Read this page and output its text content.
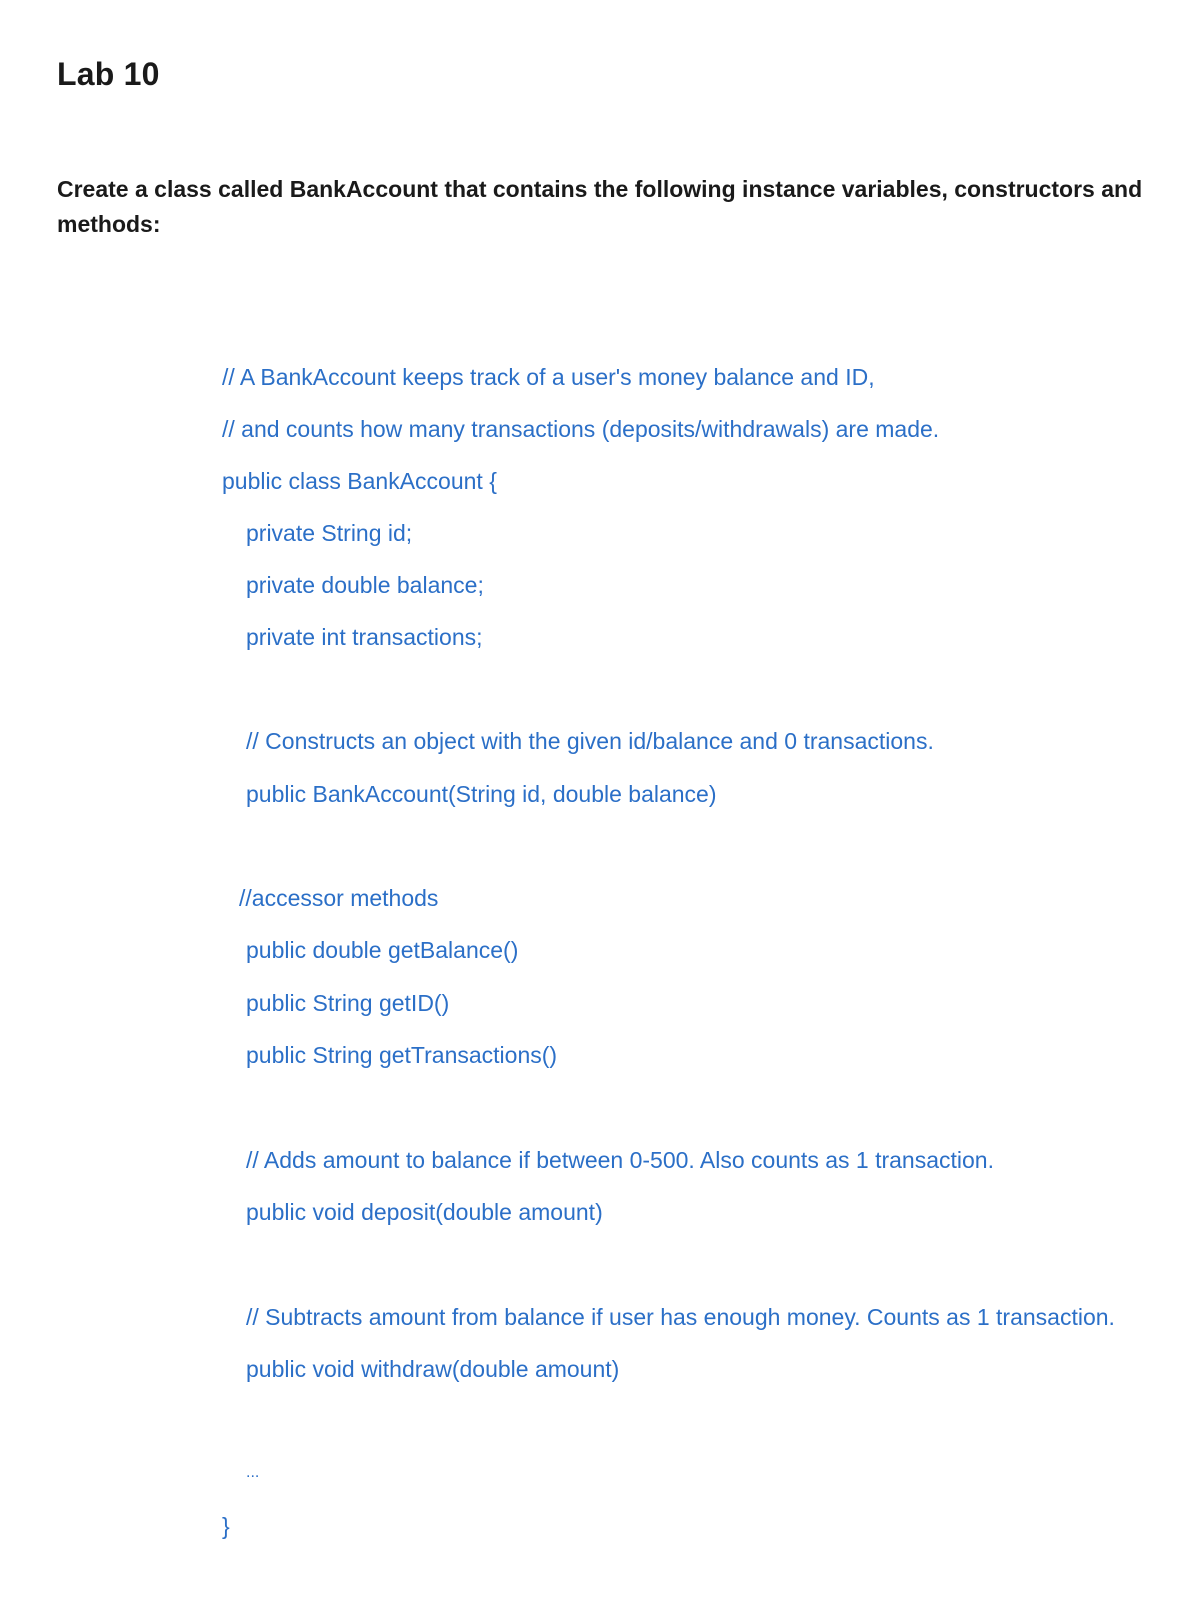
Lab 10

Create a class called BankAccount that contains the following instance variables, constructors and methods:

// A BankAccount keeps track of a user's money balance and ID,
// and counts how many transactions (deposits/withdrawals) are made.
public class BankAccount {
private String id;
private double balance;
private int transactions;
// Constructs an object with the given id/balance and 0 transactions.
public BankAccount(String id, double balance)
//accessor methods
public double getBalance()
public String getID()
public String getTransactions()
// Adds amount to balance if between 0-500. Also counts as 1 transaction.
public void deposit(double amount)
// Subtracts amount from balance if user has enough money. Counts as 1 transaction.
public void withdraw(double amount)
...
}
